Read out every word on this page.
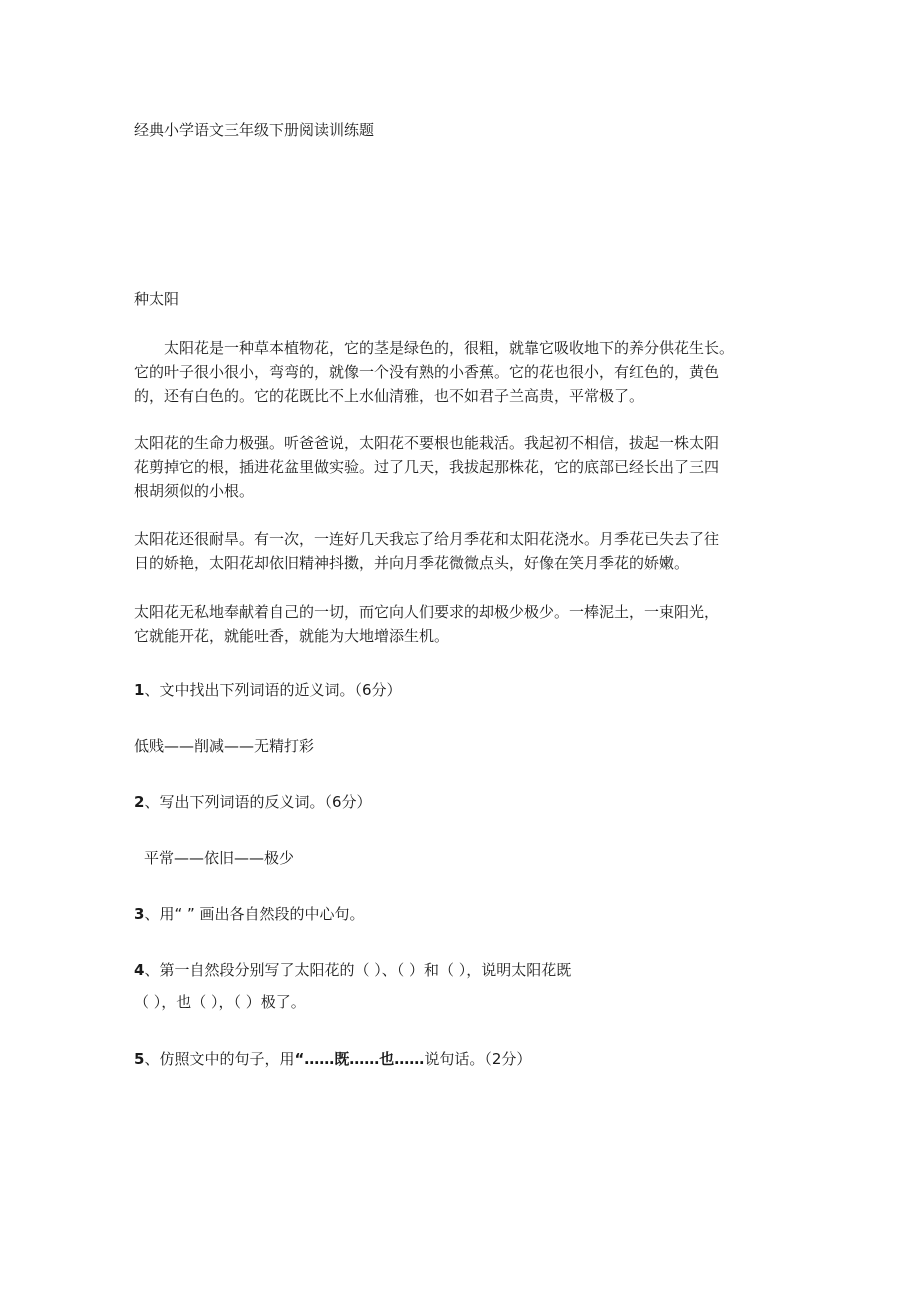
经典小学语文三年级下册阅读训练题
种太阳
太阳花是一种草本植物花，它的茎是绿色的，很粗，就靠它吸收地下的养分供花生长。
它的叶子很小很小，弯弯的，就像一个没有熟的小香蕉。它的花也很小，有红色的，黄色
的，还有白色的。它的花既比不上水仙清雅，也不如君子兰高贵，平常极了。
太阳花的生命力极强。听爸爸说，太阳花不要根也能栽活。我起初不相信，拔起一株太阳
花剪掉它的根，插进花盆里做实验。过了几天，我拔起那株花，它的底部已经长出了三四
根胡须似的小根。
太阳花还很耐旱。有一次，一连好几天我忘了给月季花和太阳花浇水。月季花已失去了往
日的娇艳，太阳花却依旧精神抖擞，并向月季花微微点头，好像在笑月季花的娇嫩。
太阳花无私地奉献着自己的一切，而它向人们要求的却极少极少。一棒泥土，一束阳光，
它就能开花，就能吐香，就能为大地增添生机。
1、文中找出下列词语的近义词。（6分）
低贱——削减——无精打彩
2、写出下列词语的反义词。（6分）
平常——依旧——极少
3、用“ ” 画出各自然段的中心句。
4、第一自然段分别写了太阳花的（ ）、（ ）和（ ），说明太阳花既
（ ），也（ ），（ ）极了。
5、仿照文中的句子，用“……既……也……说句话。（2分）
